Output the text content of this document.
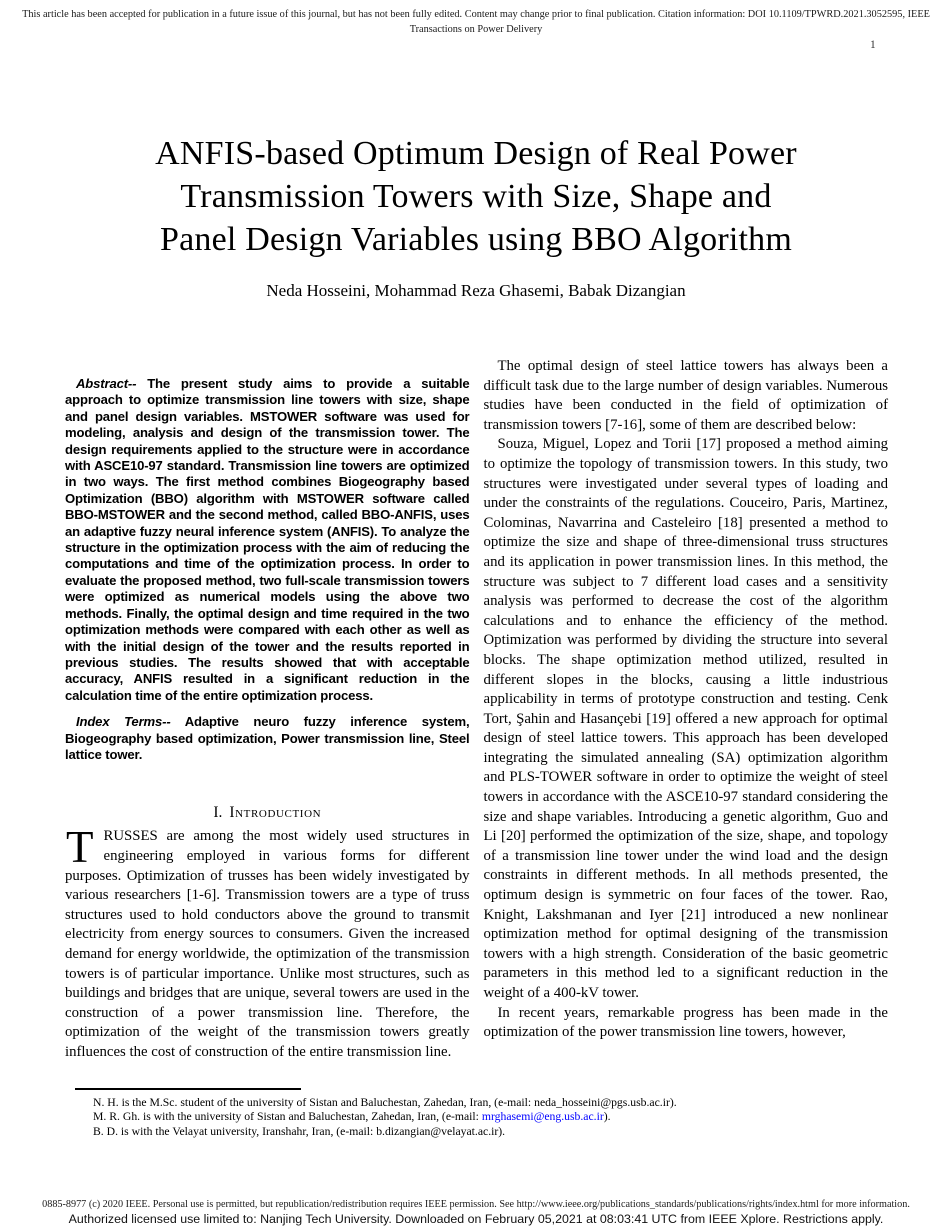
This article has been accepted for publication in a future issue of this journal, but has not been fully edited. Content may change prior to final publication. Citation information: DOI 10.1109/TPWRD.2021.3052595, IEEE
Transactions on Power Delivery
1
ANFIS-based Optimum Design of Real Power
Transmission Towers with Size, Shape and
Panel Design Variables using BBO Algorithm
Neda Hosseini, Mohammad Reza Ghasemi, Babak Dizangian

Abstract-- The present study aims to provide a suitable approach to optimize transmission line towers with size, shape and panel design variables. MSTOWER software was used for modeling, analysis and design of the transmission tower. The design requirements applied to the structure were in accordance with ASCE10-97 standard. Transmission line towers are optimized in two ways. The first method combines Biogeography based Optimization (BBO) algorithm with MSTOWER software called BBO-MSTOWER and the second method, called BBO-ANFIS, uses an adaptive fuzzy neural inference system (ANFIS). To analyze the structure in the optimization process with the aim of reducing the computations and time of the optimization process. In order to evaluate the proposed method, two full-scale transmission towers were optimized as numerical models using the above two methods. Finally, the optimal design and time required in the two optimization methods were compared with each other as well as with the initial design of the tower and the results reported in previous studies. The results showed that with acceptable accuracy, ANFIS resulted in a significant reduction in the calculation time of the entire optimization process.

Index Terms-- Adaptive neuro fuzzy inference system, Biogeography based optimization, Power transmission line, Steel lattice tower.

I. Introduction

TRUSSES are among the most widely used structures in engineering employed in various forms for different purposes. Optimization of trusses has been widely investigated by various researchers [1-6]. Transmission towers are a type of truss structures used to hold conductors above the ground to transmit electricity from energy sources to consumers. Given the increased demand for energy worldwide, the optimization of the transmission towers is of particular importance. Unlike most structures, such as buildings and bridges that are unique, several towers are used in the construction of a power transmission line. Therefore, the optimization of the weight of the transmission towers greatly influences the cost of construction of the entire transmission line.

The optimal design of steel lattice towers has always been a difficult task due to the large number of design variables. Numerous studies have been conducted in the field of optimization of transmission towers [7-16], some of them are described below:

Souza, Miguel, Lopez and Torii [17] proposed a method aiming to optimize the topology of transmission towers. In this study, two structures were investigated under several types of loading and under the constraints of the regulations. Couceiro, Paris, Martinez, Colominas, Navarrina and Casteleiro [18] presented a method to optimize the size and shape of three-dimensional truss structures and its application in power transmission lines. In this method, the structure was subject to 7 different load cases and a sensitivity analysis was performed to decrease the cost of the algorithm calculations and to enhance the efficiency of the method. Optimization was performed by dividing the structure into several blocks. The shape optimization method utilized, resulted in different slopes in the blocks, causing a little industrious applicability in terms of prototype construction and testing. Cenk Tort, Şahin and Hasançebi [19] offered a new approach for optimal design of steel lattice towers. This approach has been developed integrating the simulated annealing (SA) optimization algorithm and PLS-TOWER software in order to optimize the weight of steel towers in accordance with the ASCE10-97 standard considering the size and shape variables. Introducing a genetic algorithm, Guo and Li [20] performed the optimization of the size, shape, and topology of a transmission line tower under the wind load and the design constraints in different methods. In all methods presented, the optimum design is symmetric on four faces of the tower. Rao, Knight, Lakshmanan and Iyer [21] introduced a new nonlinear optimization method for optimal designing of the transmission towers with a high strength. Consideration of the basic geometric parameters in this method led to a significant reduction in the weight of a 400-kV tower.

In recent years, remarkable progress has been made in the optimization of the power transmission line towers, however,

N. H. is the M.Sc. student of the university of Sistan and Baluchestan, Zahedan, Iran, (e-mail: neda_hosseini@pgs.usb.ac.ir).
M. R. Gh. is with the university of Sistan and Baluchestan, Zahedan, Iran, (e-mail: mrghasemi@eng.usb.ac.ir).
B. D. is with the Velayat university, Iranshahr, Iran, (e-mail: b.dizangian@velayat.ac.ir).
0885-8977 (c) 2020 IEEE. Personal use is permitted, but republication/redistribution requires IEEE permission. See http://www.ieee.org/publications_standards/publications/rights/index.html for more information.
Authorized licensed use limited to: Nanjing Tech University. Downloaded on February 05,2021 at 08:03:41 UTC from IEEE Xplore. Restrictions apply.
